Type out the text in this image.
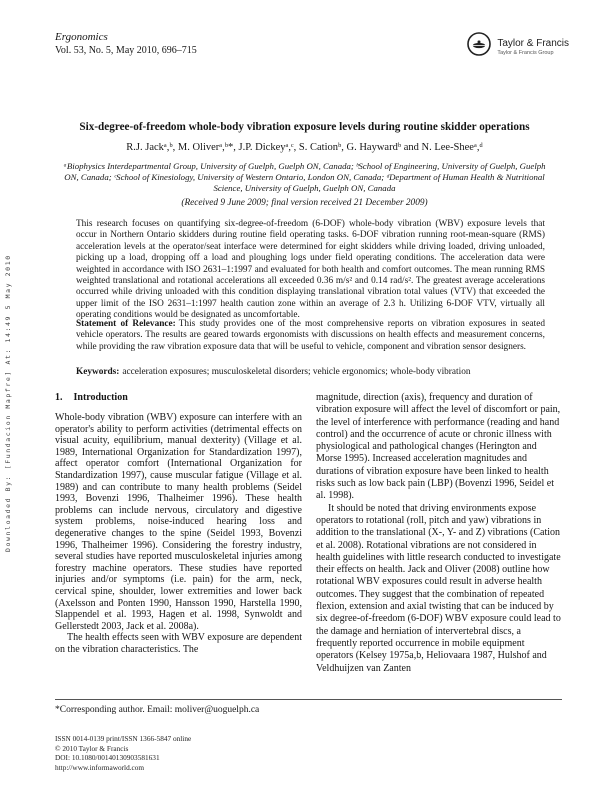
Downloaded By: [Fundacion Mapfre] At: 14:49 5 May 2010
Ergonomics
Vol. 53, No. 5, May 2010, 696–715
Taylor & Francis
Taylor & Francis Group
Six-degree-of-freedom whole-body vibration exposure levels during routine skidder operations
R.J. Jackᵃ,ᵇ, M. Oliverᵃ,ᵇ*, J.P. Dickeyᵃ,ᶜ, S. Cationᵇ, G. Haywardᵇ and N. Lee-Sheeᵃ,ᵈ
ᵃBiophysics Interdepartmental Group, University of Guelph, Guelph ON, Canada; ᵇSchool of Engineering, University of Guelph, Guelph ON, Canada; ᶜSchool of Kinesiology, University of Western Ontario, London ON, Canada; ᵈDepartment of Human Health & Nutritional Science, University of Guelph, Guelph ON, Canada
(Received 9 June 2009; final version received 21 December 2009)
This research focuses on quantifying six-degree-of-freedom (6-DOF) whole-body vibration (WBV) exposure levels that occur in Northern Ontario skidders during routine field operating tasks. 6-DOF vibration running root-mean-square (RMS) acceleration levels at the operator/seat interface were determined for eight skidders while driving loaded, driving unloaded, picking up a load, dropping off a load and ploughing logs under field operating conditions. The acceleration data were weighted in accordance with ISO 2631–1:1997 and evaluated for both health and comfort outcomes. The mean running RMS weighted translational and rotational accelerations all exceeded 0.36 m/s² and 0.14 rad/s². The greatest average accelerations occurred while driving unloaded with this condition displaying translational vibration total values (VTV) that exceeded the upper limit of the ISO 2631–1:1997 health caution zone within an average of 2.3 h. Utilizing 6-DOF VTV, virtually all operating conditions would be designated as uncomfortable.
Statement of Relevance: This study provides one of the most comprehensive reports on vibration exposures in seated vehicle operators. The results are geared towards ergonomists with discussions on health effects and measurement concerns, while providing the raw vibration exposure data that will be useful to vehicle, component and vibration sensor designers.
Keywords: acceleration exposures; musculoskeletal disorders; vehicle ergonomics; whole-body vibration
1. Introduction

Whole-body vibration (WBV) exposure can interfere with an operator's ability to perform activities (detrimental effects on visual acuity, equilibrium, manual dexterity) (Village et al. 1989, International Organization for Standardization 1997), affect operator comfort (International Organization for Standardization 1997), cause muscular fatigue (Village et al. 1989) and can contribute to many health problems (Seidel 1993, Bovenzi 1996, Thalheimer 1996). These health problems can include nervous, circulatory and digestive system problems, noise-induced hearing loss and degenerative changes to the spine (Seidel 1993, Bovenzi 1996, Thalheimer 1996). Considering the forestry industry, several studies have reported musculoskeletal injuries among forestry machine operators. These studies have reported injuries and/or symptoms (i.e. pain) for the arm, neck, cervical spine, shoulder, lower extremities and lower back (Axelsson and Ponten 1990, Hansson 1990, Harstella 1990, Slappendel et al. 1993, Hagen et al. 1998, Synwoldt and Gellerstedt 2003, Jack et al. 2008a).

The health effects seen with WBV exposure are dependent on the vibration characteristics. The

magnitude, direction (axis), frequency and duration of vibration exposure will affect the level of discomfort or pain, the level of interference with performance (reading and hand control) and the occurrence of acute or chronic illness with physiological and pathological changes (Herington and Morse 1995). Increased acceleration magnitudes and durations of vibration exposure have been linked to health risks such as low back pain (LBP) (Bovenzi 1996, Seidel et al. 1998).

It should be noted that driving environments expose operators to rotational (roll, pitch and yaw) vibrations in addition to the translational (X-, Y- and Z) vibrations (Cation et al. 2008). Rotational vibrations are not considered in health guidelines with little research conducted to investigate their effects on health. Jack and Oliver (2008) outline how rotational WBV exposures could result in adverse health outcomes. They suggest that the combination of repeated flexion, extension and axial twisting that can be induced by six degree-of-freedom (6-DOF) WBV exposure could lead to the damage and herniation of intervertebral discs, a frequently reported occurrence in mobile equipment operators (Kelsey 1975a,b, Heliovaara 1987, Hulshof and Veldhuijzen van Zanten

*Corresponding author. Email: moliver@uoguelph.ca
ISSN 0014-0139 print/ISSN 1366-5847 online
© 2010 Taylor & Francis
DOI: 10.1080/00140130903581631
http://www.informaworld.com
